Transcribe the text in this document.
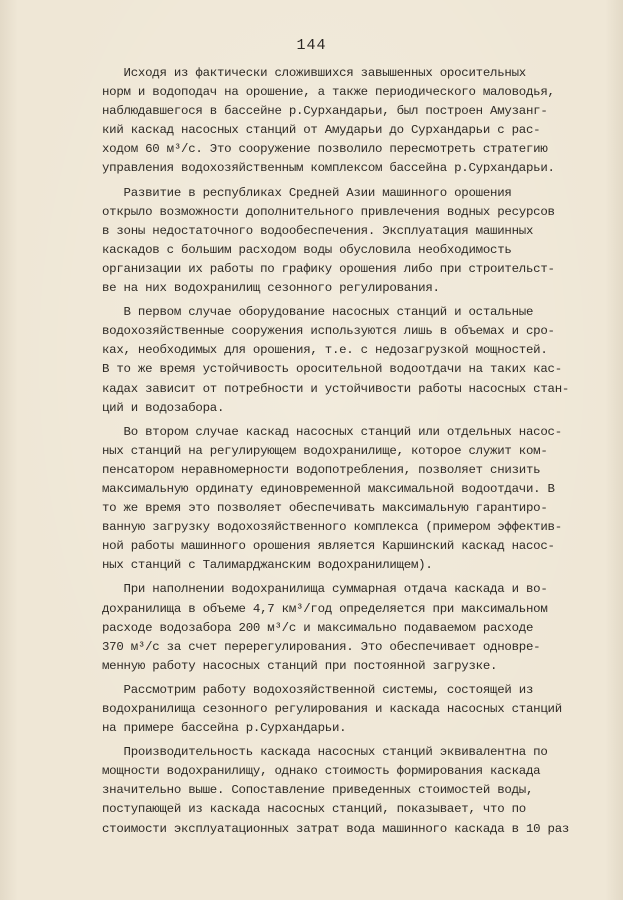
144
Исходя из фактически сложившихся завышенных оросительных
норм и водоподач на орошение, а также периодического маловодья,
наблюдавшегося в бассейне р.Сурхандарьи, был построен Амузанг-
кий каскад насосных станций от Амударьи до Сурхандарьи с рас-
ходом 60 м³/с. Это сооружение позволило пересмотреть стратегию
управления водохозяйственным комплексом бассейна р.Сурхандарьи.
Развитие в республиках Средней Азии машинного орошения
открыло возможности дополнительного привлечения водных ресурсов
в зоны недостаточного водообеспечения. Эксплуатация машинных
каскадов с большим расходом воды обусловила необходимость
организации их работы по графику орошения либо при строительст-
ве на них водохранилищ сезонного регулирования.
В первом случае оборудование насосных станций и остальные
водохозяйственные сооружения используются лишь в объемах и сро-
ках, необходимых для орошения, т.е. с недозагрузкой мощностей.
В то же время устойчивость оросительной водоотдачи на таких кас-
кадах зависит от потребности и устойчивости работы насосных стан-
ций и водозабора.
Во втором случае каскад насосных станций или отдельных насос-
ных станций на регулирующем водохранилище, которое служит ком-
пенсатором неравномерности водопотребления, позволяет снизить
максимальную ординату единовременной максимальной водоотдачи. В
то же время это позволяет обеспечивать максимальную гарантиро-
ванную загрузку водохозяйственного комплекса (примером эффектив-
ной работы машинного орошения является Каршинский каскад насос-
ных станций с Талимарджанским водохранилищем).
При наполнении водохранилища суммарная отдача каскада и во-
дохранилища в объеме 4,7 км³/год определяется при максимальном
расходе водозабора 200 м³/с и максимально подаваемом расходе
370 м³/с за счет перерегулирования. Это обеспечивает одновре-
менную работу насосных станций при постоянной загрузке.
Рассмотрим работу водохозяйственной системы, состоящей из
водохранилища сезонного регулирования и каскада насосных станций
на примере бассейна р.Сурхандарьи.
Производительность каскада насосных станций эквивалентна по
мощности водохранилищу, однако стоимость формирования каскада
значительно выше. Сопоставление приведенных стоимостей воды,
поступающей из каскада насосных станций, показывает, что по
стоимости эксплуатационных затрат вода машинного каскада в 10 раз
